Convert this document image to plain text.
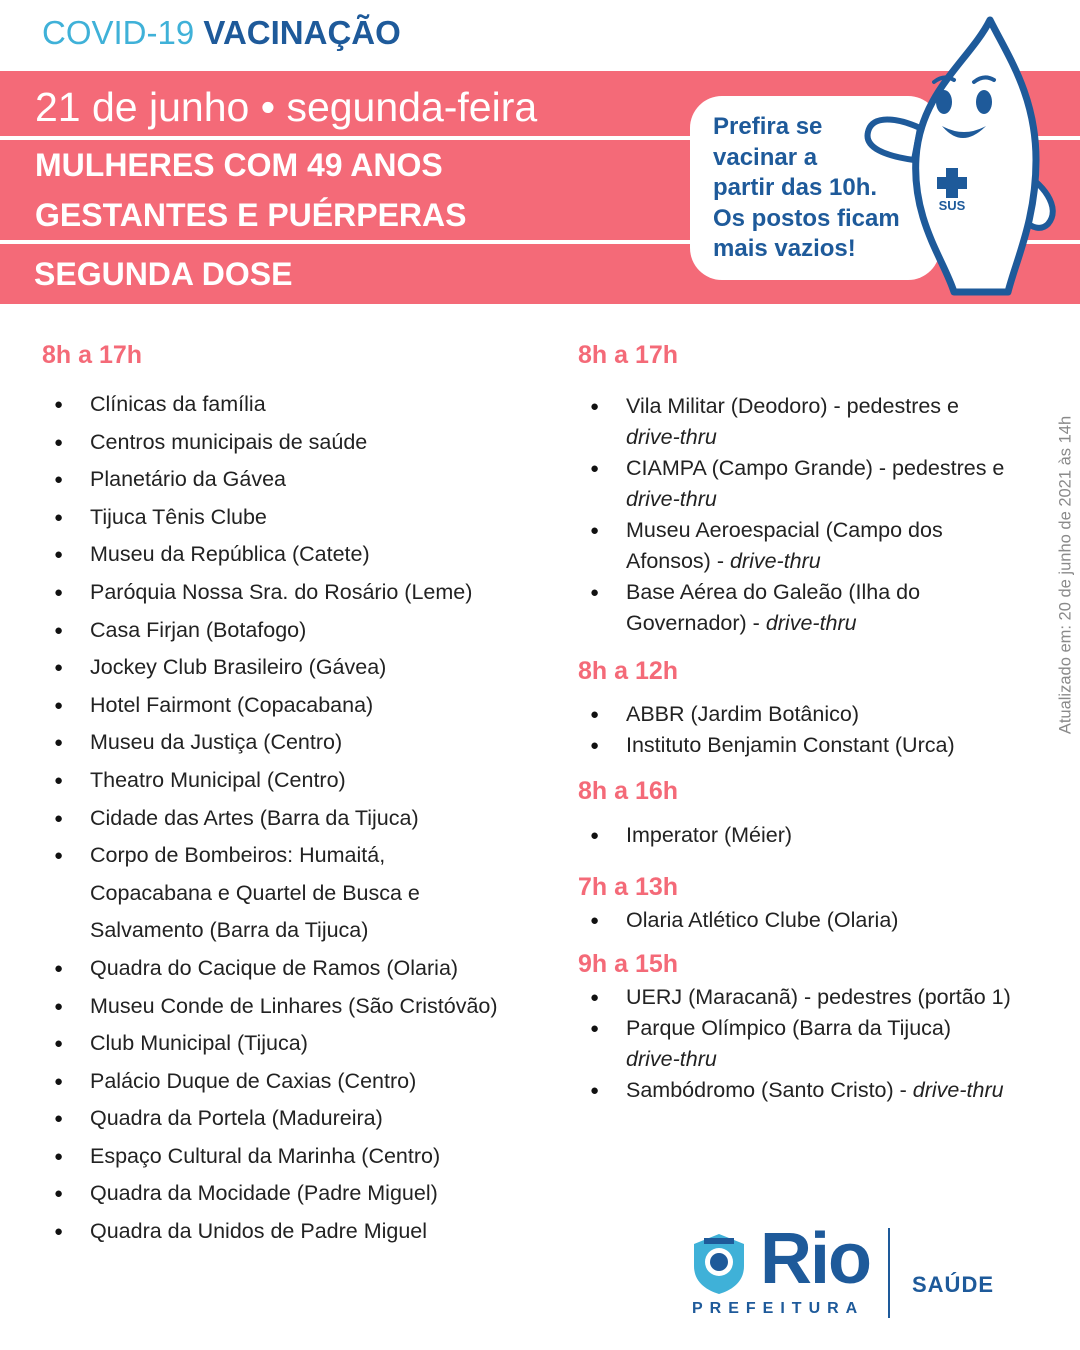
COVID-19 VACINAÇÃO
21 de junho • segunda-feira
MULHERES COM 49 ANOS
GESTANTES E PUÉRPERAS
SEGUNDA DOSE
Prefira se
vacinar a
partir das 10h.
Os postos ficam
mais vazios!
SUS
8h a 17h
● Clínicas da família
● Centros municipais de saúde
● Planetário da Gávea
● Tijuca Tênis Clube
● Museu da República (Catete)
● Paróquia Nossa Sra. do Rosário (Leme)
● Casa Firjan (Botafogo)
● Jockey Club Brasileiro (Gávea)
● Hotel Fairmont (Copacabana)
● Museu da Justiça (Centro)
● Theatro Municipal (Centro)
● Cidade das Artes (Barra da Tijuca)
● Corpo de Bombeiros: Humaitá, Copacabana e Quartel de Busca e Salvamento (Barra da Tijuca)
● Quadra do Cacique de Ramos (Olaria)
● Museu Conde de Linhares (São Cristóvão)
● Club Municipal (Tijuca)
● Palácio Duque de Caxias (Centro)
● Quadra da Portela (Madureira)
● Espaço Cultural da Marinha (Centro)
● Quadra da Mocidade (Padre Miguel)
● Quadra da Unidos de Padre Miguel
8h a 17h
● Vila Militar (Deodoro) - pedestres e
drive-thru
● CIAMPA (Campo Grande) - pedestres e
drive-thru
● Museu Aeroespacial (Campo dos Afonsos) - drive-thru
● Base Aérea do Galeão (Ilha do Governador) - drive-thru
8h a 12h
● ABBR (Jardim Botânico)
● Instituto Benjamin Constant (Urca)
8h a 16h
● Imperator (Méier)
7h a 13h
● Olaria Atlético Clube (Olaria)
9h a 15h
● UERJ (Maracanã) - pedestres (portão 1)
● Parque Olímpico (Barra da Tijuca)
drive-thru
● Sambódromo (Santo Cristo) - drive-thru
Atualizado em: 20 de junho de 2021 às 14h
Rio
PREFEITURA
SAÚDE
